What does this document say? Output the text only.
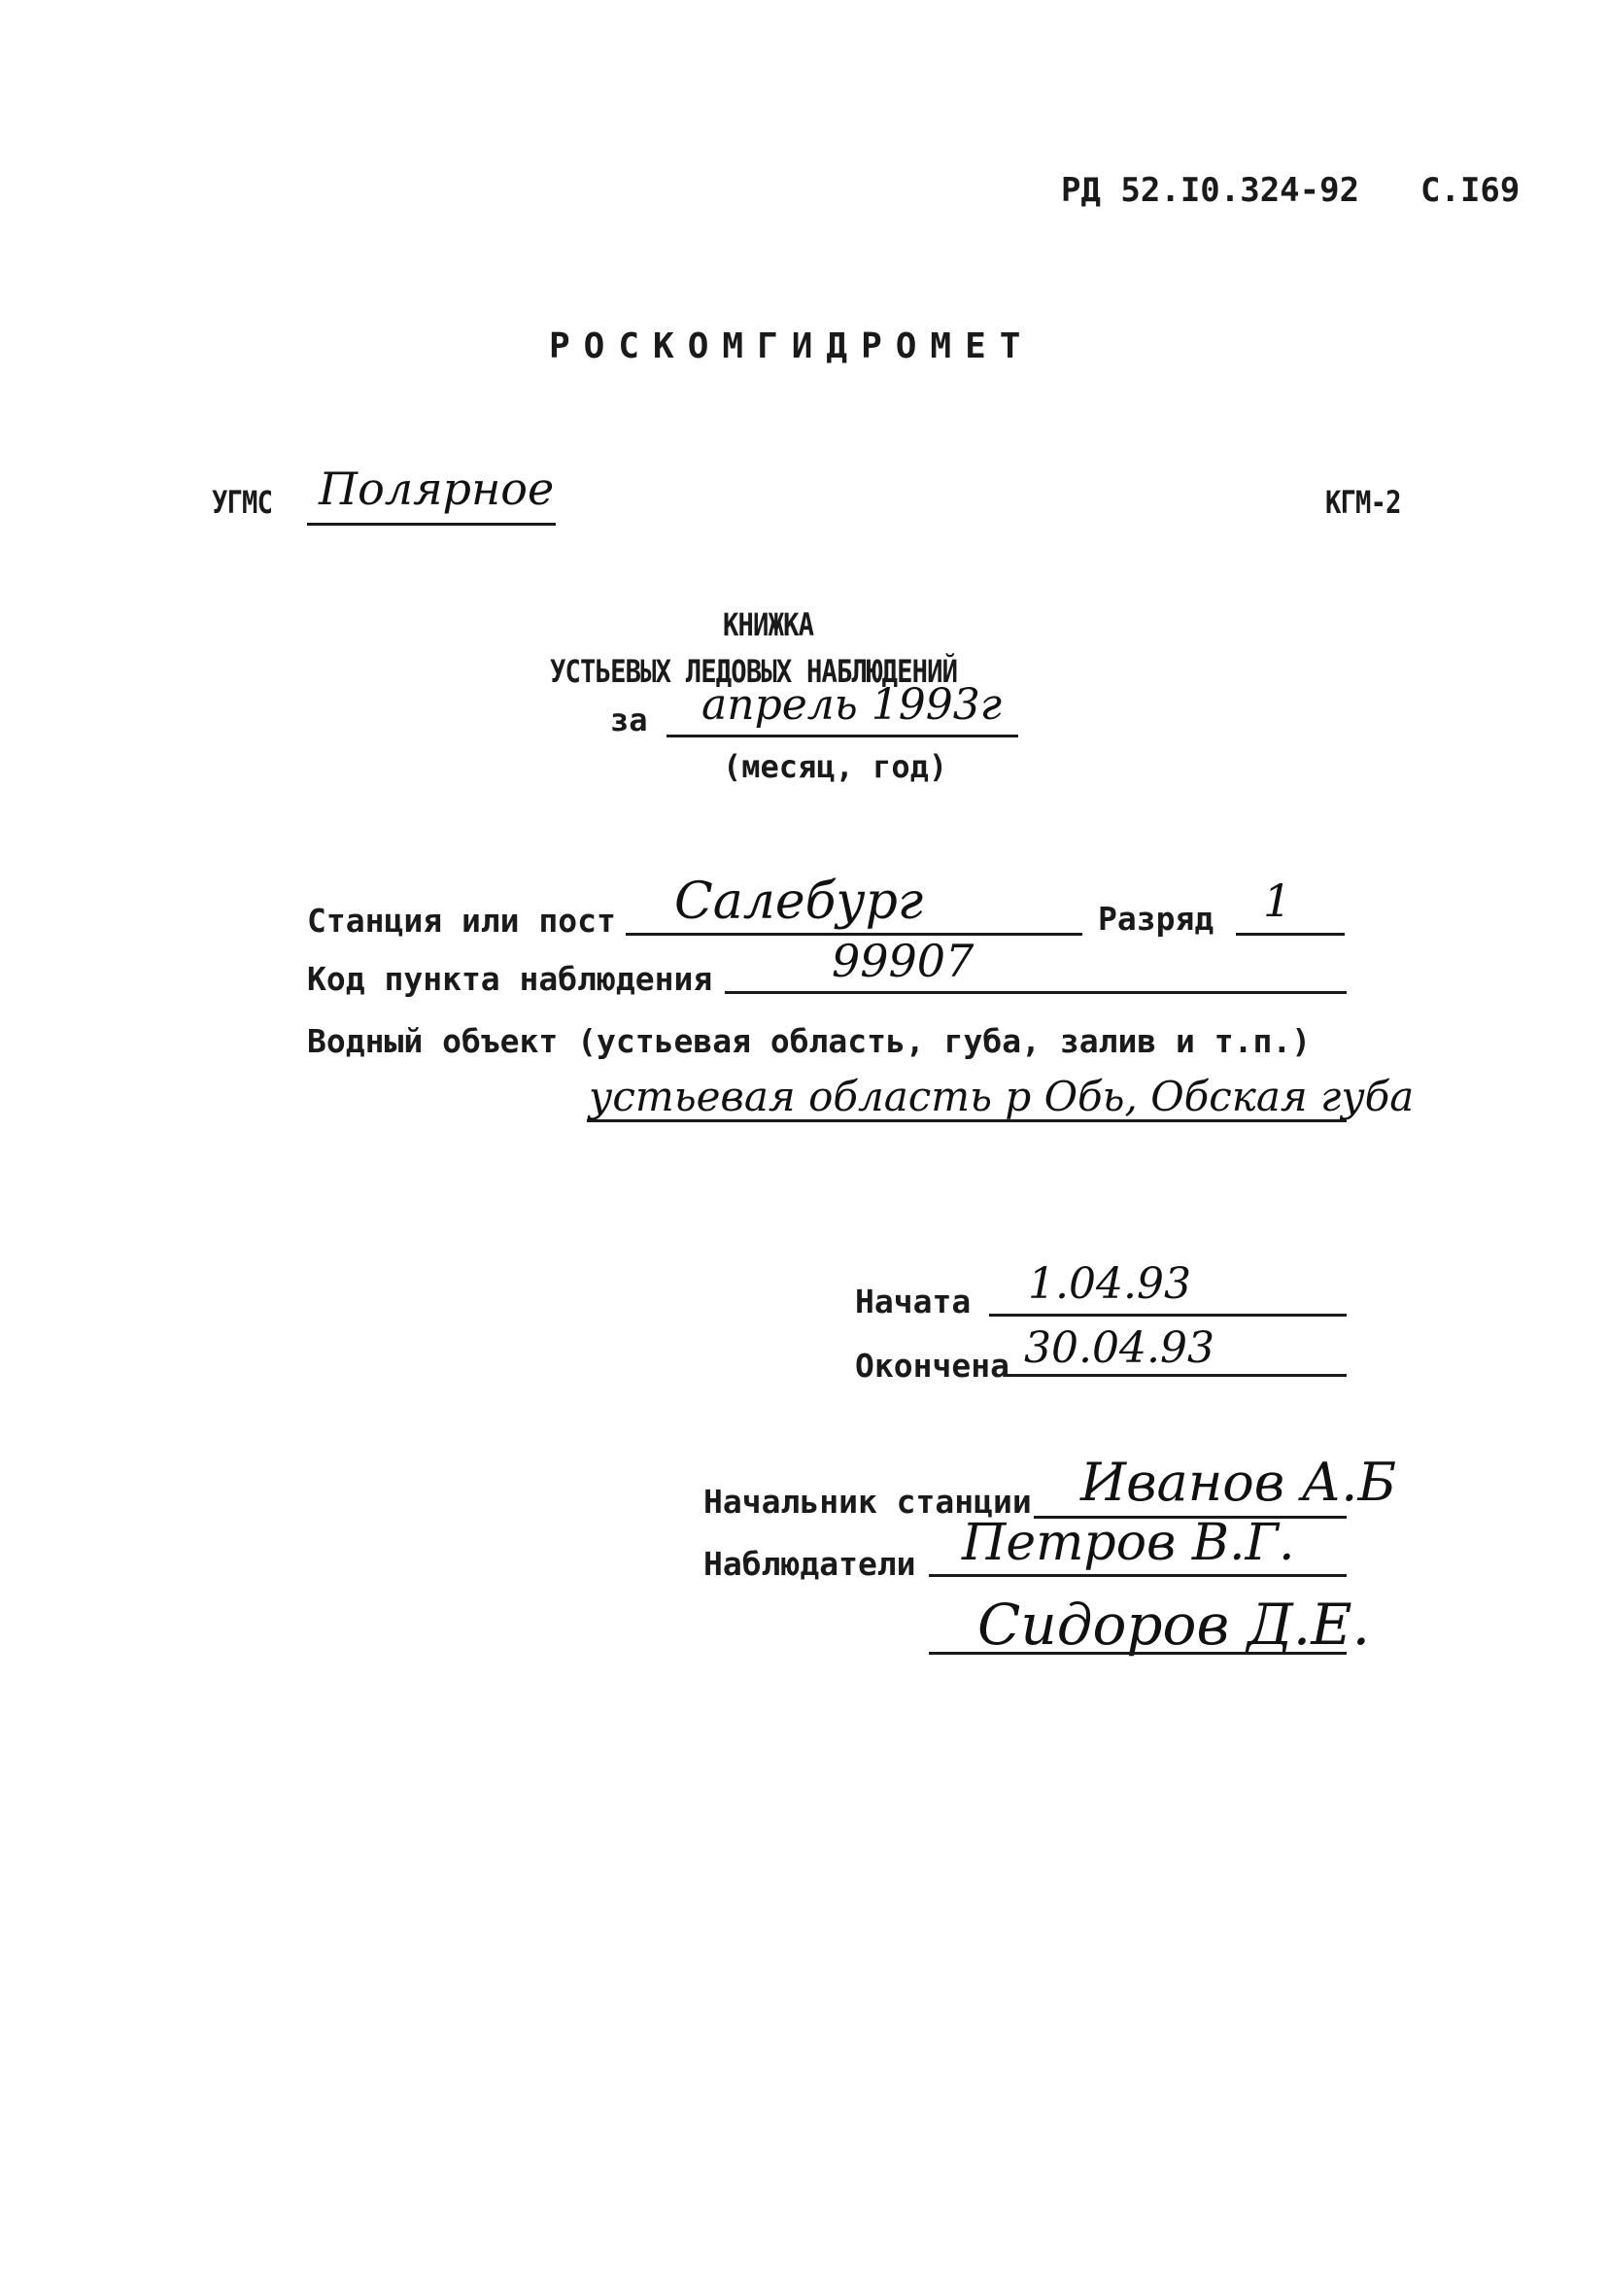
РД 52.I0.324-92 С.I69
РОСКОМГИДРОМЕТ
УГМС Полярное	КГМ-2
КНИЖКА
УСТЬЕВЫХ ЛЕДОВЫХ НАБЛЮДЕНИЙ
за апрель 1993г
(месяц, год)
Станция или пост Салебург	Разряд 1
Код пункта наблюдения	99907
Водный объект (устьевая область, губа, залив и т.п.)
устьевая область р Обь, Обская губа
Начата 1.04.93
Окончена 30.04.93
Начальник станции Иванов А.Б
Наблюдатели Петров В.Г.
Сидоров Д.Е.
